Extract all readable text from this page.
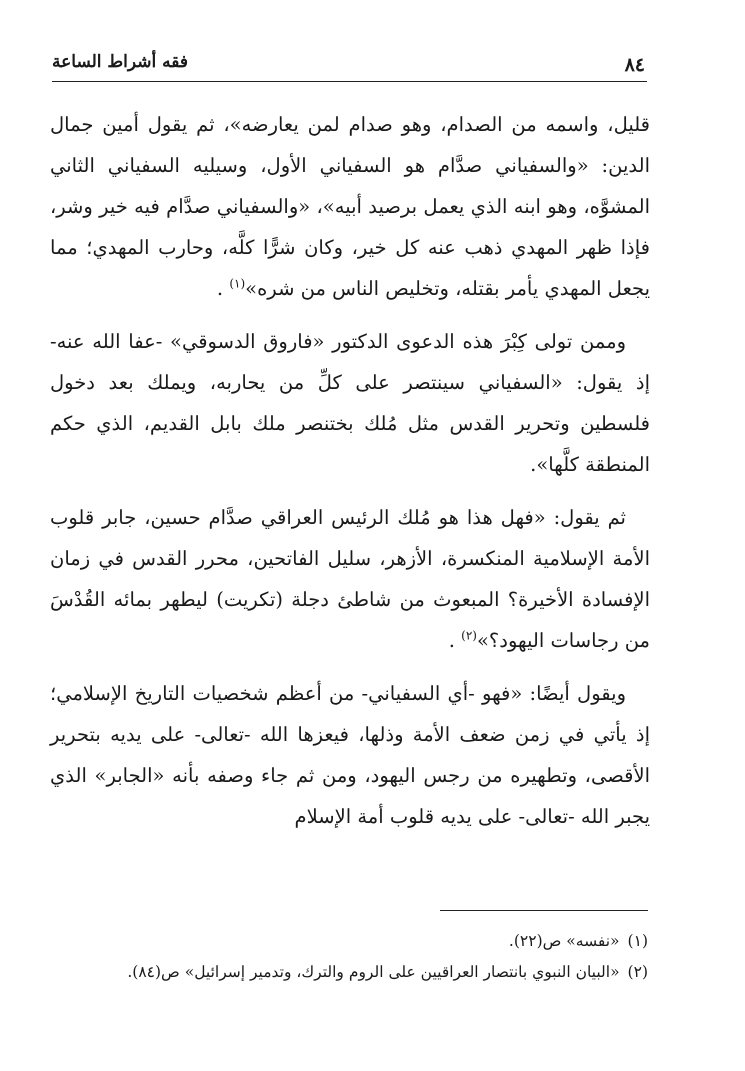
٨٤
فقه أشراط الساعة

قليل، واسمه من الصدام، وهو صدام لمن يعارضه»، ثم يقول أمين جمال الدين: «والسفياني صدَّام هو السفياني الأول، وسيليه السفياني الثاني المشوَّه، وهو ابنه الذي يعمل برصيد أبيه»، «والسفياني صدَّام فيه خير وشر، فإذا ظهر المهدي ذهب عنه كل خير، وكان شرًّا كلَّه، وحارب المهدي؛ مما يجعل المهدي يأمر بقتله، وتخليص الناس من شره»$^{(١)}$ .

وممن تولى كِبْرَ هذه الدعوى الدكتور «فاروق الدسوقي» -عفا الله عنه- إذ يقول: «السفياني سينتصر على كلِّ من يحاربه، ويملك بعد دخول فلسطين وتحرير القدس مثل مُلك بختنصر ملك بابل القديم، الذي حكم المنطقة كلَّها».

ثم يقول: «فهل هذا هو مُلك الرئيس العراقي صدَّام حسين، جابر قلوب الأمة الإسلامية المنكسرة، الأزهر، سليل الفاتحين، محرر القدس في زمان الإفسادة الأخيرة؟ المبعوث من شاطئ دجلة (تكريت) ليطهر بمائه القُدْسَ من رجاسات اليهود؟»$^{(٢)}$ .

ويقول أيضًا: «فهو -أي السفياني- من أعظم شخصيات التاريخ الإسلامي؛ إذ يأتي في زمن ضعف الأمة وذلها، فيعزها الله -تعالى- على يديه بتحرير الأقصى، وتطهيره من رجس اليهود، ومن ثم جاء وصفه بأنه «الجابر» الذي يجبر الله -تعالى- على يديه قلوب أمة الإسلام

(١)
«نفسه» ص(٢٢).
(٢)
«البيان النبوي بانتصار العراقيين على الروم والترك، وتدمير إسرائيل» ص(٨٤).
